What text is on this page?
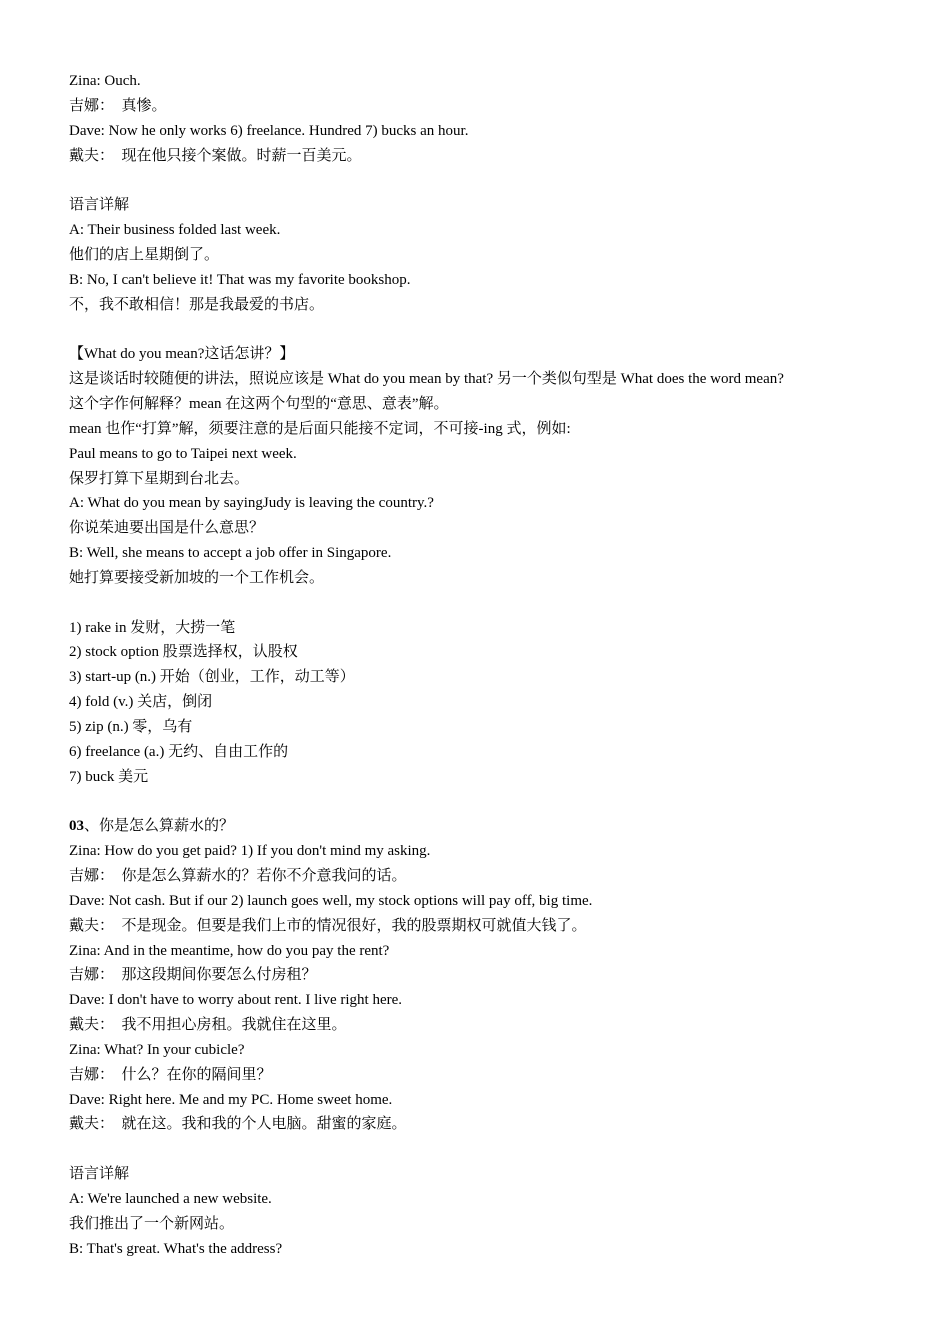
Zina: Ouch.
吉娜：　真惨。
Dave: Now he only works 6) freelance. Hundred 7) bucks an hour.
戴夫：　现在他只接个案做。时薪一百美元。
语言详解
A: Their business folded last week.
他们的店上星期倒了。
B: No, I can't believe it! That was my favorite bookshop.
不，我不敢相信！那是我最爱的书店。
【What do you mean?这话怎讲？】
这是谈话时较随便的讲法，照说应该是 What do you mean by that? 另一个类似句型是 What does the word mean?
这个字作何解释？mean 在这两个句型的“意思、意表”解。
mean 也作“打算”解，须要注意的是后面只能接不定词，不可接-ing 式，例如:
Paul means to go to Taipei next week.
保罗打算下星期到台北去。
A: What do you mean by sayingJudy is leaving the country.?
你说茱迪要出国是什么意思？
B: Well, she means to accept a job offer in Singapore.
她打算要接受新加坡的一个工作机会。
1) rake in 发财，大捞一笔
2) stock option 股票选择权，认股权
3) start-up (n.) 开始（创业，工作，动工等）
4) fold (v.) 关店，倒闭
5) zip (n.) 零，乌有
6) freelance (a.) 无约、自由工作的
7) buck 美元
03、你是怎么算薪水的？
Zina: How do you get paid? 1) If you don't mind my asking.
吉娜：　你是怎么算薪水的？若你不介意我问的话。
Dave: Not cash. But if our 2) launch goes well, my stock options will pay off, big time.
戴夫：　不是现金。但要是我们上市的情况很好，我的股票期权可就值大钱了。
Zina: And in the meantime, how do you pay the rent?
吉娜：　那这段期间你要怎么付房租？
Dave: I don't have to worry about rent. I live right here.
戴夫：　我不用担心房租。我就住在这里。
Zina: What? In your cubicle?
吉娜：　什么？在你的隔间里？
Dave: Right here. Me and my PC. Home sweet home.
戴夫：　就在这。我和我的个人电脑。甜蜜的家庭。
语言详解
A: We're launched a new website.
我们推出了一个新网站。
B: That's great. What's the address?
